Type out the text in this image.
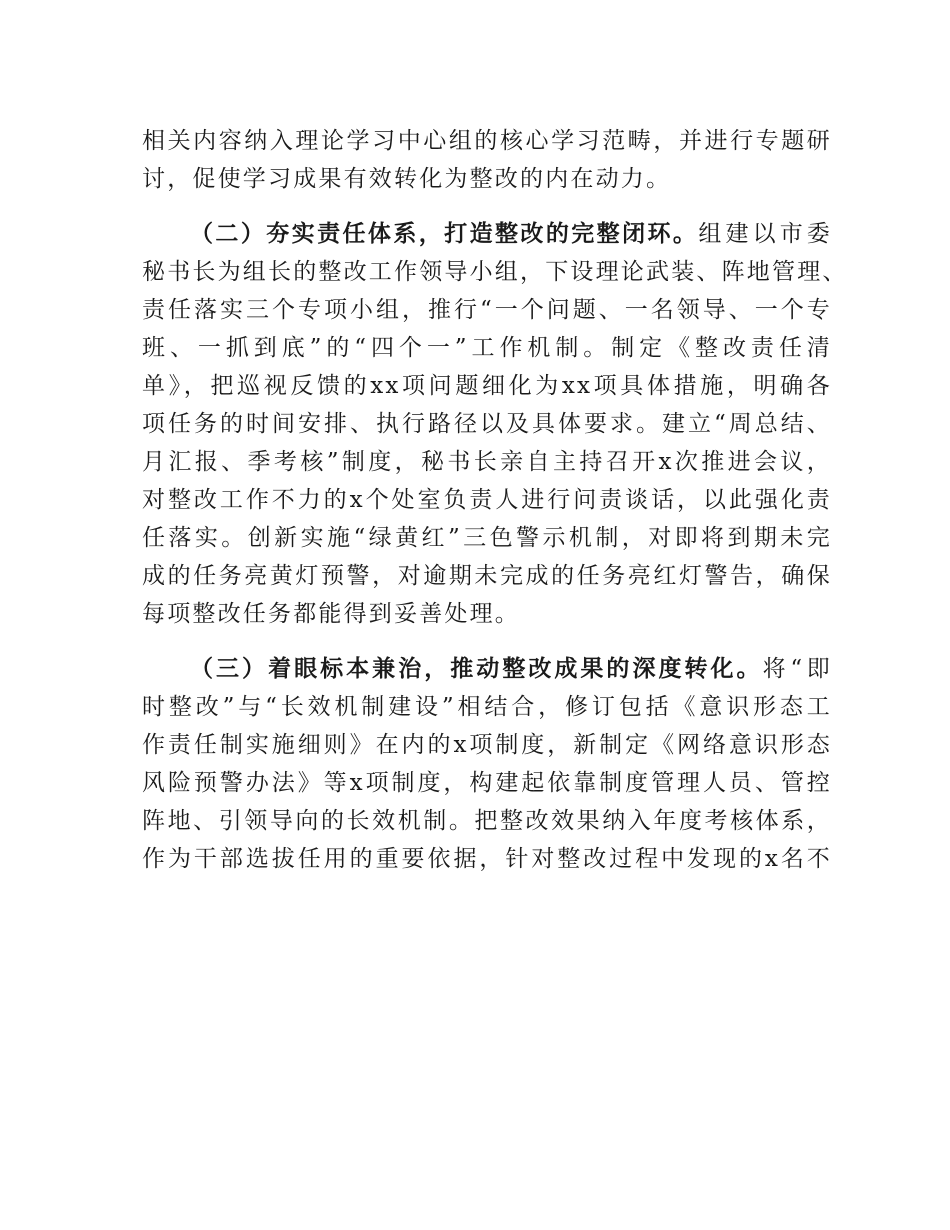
相关内容纳入理论学习中心组的核心学习范畴，并进行专题研
讨，促使学习成果有效转化为整改的内在动力。
（二）夯实责任体系，打造整改的完整闭环。组建以市委
秘书长为组长的整改工作领导小组，下设理论武装、阵地管理、
责任落实三个专项小组，推行“一个问题、一名领导、一个专
班、一抓到底”的“四个一”工作机制。制定《整改责任清
单》，把巡视反馈的xx项问题细化为xx项具体措施，明确各
项任务的时间安排、执行路径以及具体要求。建立“周总结、
月汇报、季考核”制度，秘书长亲自主持召开x次推进会议，
对整改工作不力的x个处室负责人进行问责谈话，以此强化责
任落实。创新实施“绿黄红”三色警示机制，对即将到期未完
成的任务亮黄灯预警，对逾期未完成的任务亮红灯警告，确保
每项整改任务都能得到妥善处理。
（三）着眼标本兼治，推动整改成果的深度转化。将“即
时整改”与“长效机制建设”相结合，修订包括《意识形态工
作责任制实施细则》在内的x项制度，新制定《网络意识形态
风险预警办法》等x项制度，构建起依靠制度管理人员、管控
阵地、引领导向的长效机制。把整改效果纳入年度考核体系，
作为干部选拔任用的重要依据，针对整改过程中发现的x名不
